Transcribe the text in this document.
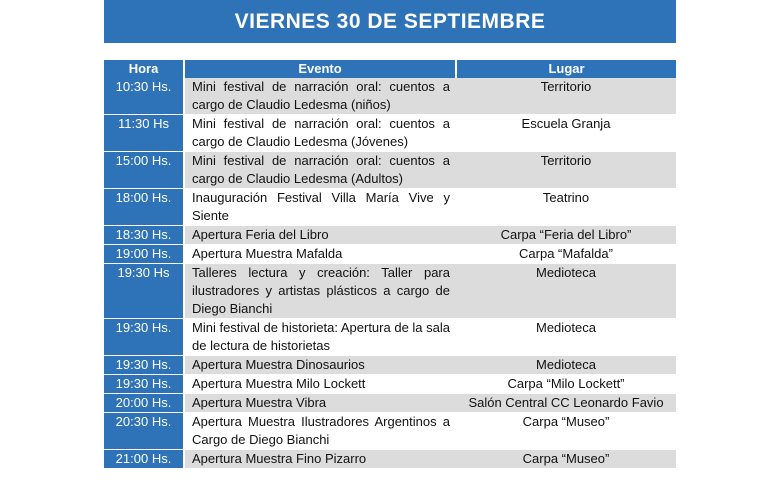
VIERNES 30 DE SEPTIEMBRE
Hora	Evento	Lugar
10:30 Hs.	Mini festival de narración oral: cuentos a cargo de Claudio Ledesma (niños)	Territorio
11:30 Hs	Mini festival de narración oral: cuentos a cargo de Claudio Ledesma (Jóvenes)	Escuela Granja
15:00 Hs.	Mini festival de narración oral: cuentos a cargo de Claudio Ledesma (Adultos)	Territorio
18:00 Hs.	Inauguración Festival Villa María Vive y Siente	Teatrino
18:30 Hs.	Apertura Feria del Libro	Carpa “Feria del Libro”
19:00 Hs.	Apertura Muestra Mafalda	Carpa “Mafalda”
19:30 Hs	Talleres lectura y creación: Taller para ilustradores y artistas plásticos a cargo de Diego Bianchi	Medioteca
19:30 Hs.	Mini festival de historieta: Apertura de la sala de lectura de historietas	Medioteca
19:30 Hs.	Apertura Muestra Dinosaurios	Medioteca
19:30 Hs.	Apertura Muestra Milo Lockett	Carpa “Milo Lockett”
20:00 Hs.	Apertura Muestra Vibra	Salón Central CC Leonardo Favio
20:30 Hs.	Apertura Muestra Ilustradores Argentinos a Cargo de Diego Bianchi	Carpa “Museo”
21:00 Hs.	Apertura Muestra Fino Pizarro	Carpa “Museo”
